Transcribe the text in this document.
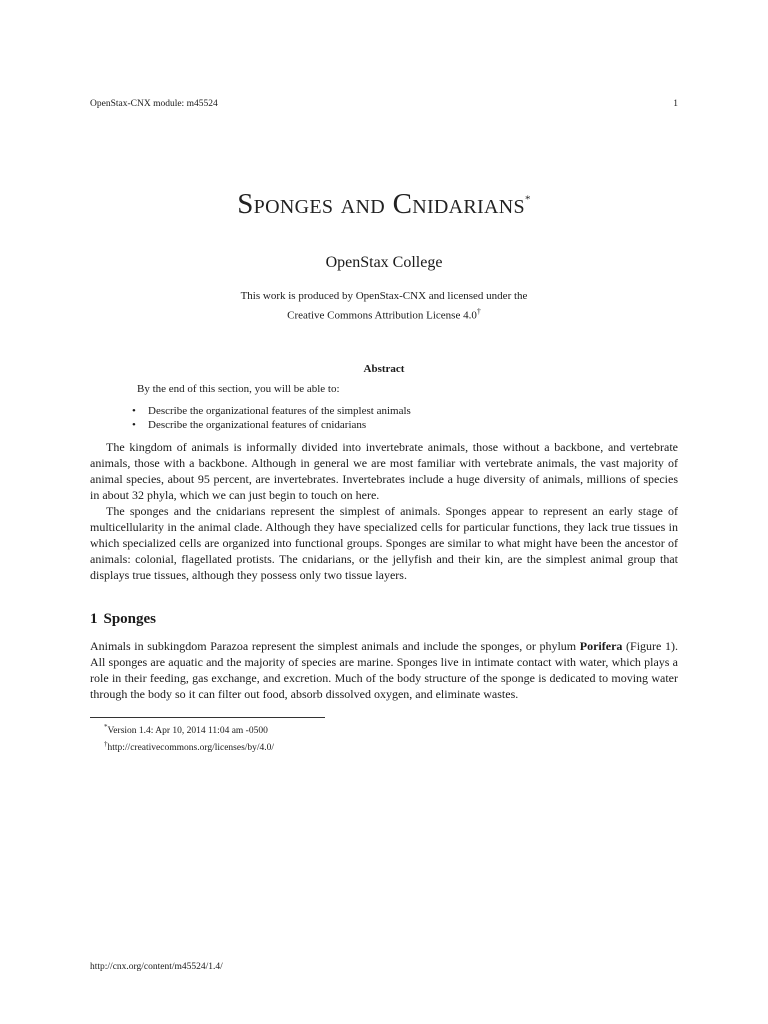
OpenStax-CNX module: m45524	1
Sponges and Cnidarians*
OpenStax College
This work is produced by OpenStax-CNX and licensed under the
Creative Commons Attribution License 4.0†
Abstract
By the end of this section, you will be able to:
• Describe the organizational features of the simplest animals
• Describe the organizational features of cnidarians

The kingdom of animals is informally divided into invertebrate animals, those without a backbone, and vertebrate animals, those with a backbone. Although in general we are most familiar with vertebrate animals, the vast majority of animal species, about 95 percent, are invertebrates. Invertebrates include a huge diversity of animals, millions of species in about 32 phyla, which we can just begin to touch on here.

The sponges and the cnidarians represent the simplest of animals. Sponges appear to represent an early stage of multicellularity in the animal clade. Although they have specialized cells for particular functions, they lack true tissues in which specialized cells are organized into functional groups. Sponges are similar to what might have been the ancestor of animals: colonial, flagellated protists. The cnidarians, or the jellyfish and their kin, are the simplest animal group that displays true tissues, although they possess only two tissue layers.

1 Sponges

Animals in subkingdom Parazoa represent the simplest animals and include the sponges, or phylum Porifera (Figure 1). All sponges are aquatic and the majority of species are marine. Sponges live in intimate contact with water, which plays a role in their feeding, gas exchange, and excretion. Much of the body structure of the sponge is dedicated to moving water through the body so it can filter out food, absorb dissolved oxygen, and eliminate wastes.

*Version 1.4: Apr 10, 2014 11:04 am -0500
†http://creativecommons.org/licenses/by/4.0/
http://cnx.org/content/m45524/1.4/
